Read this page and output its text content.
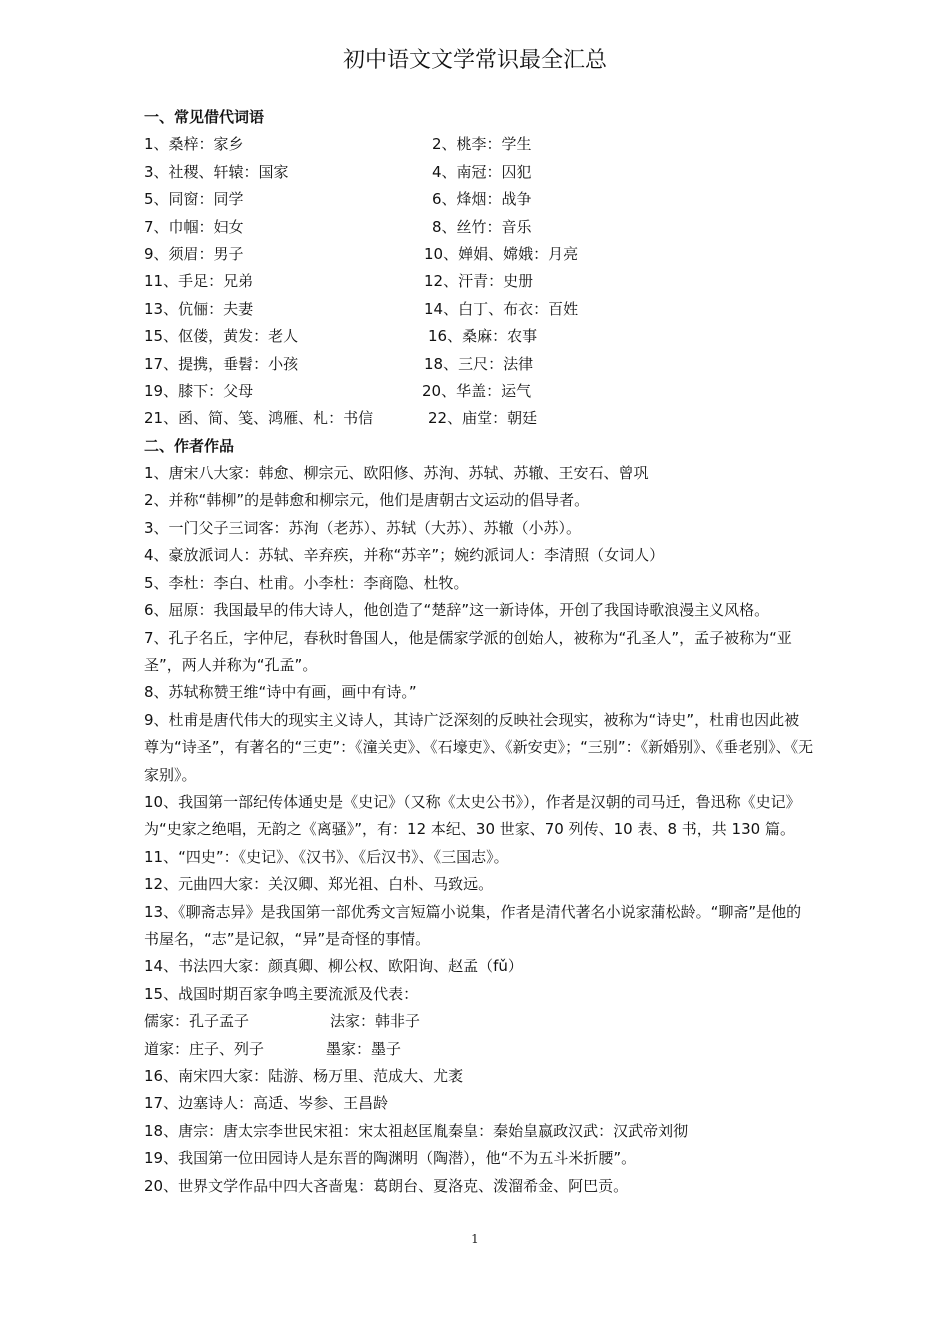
初中语文文学常识最全汇总
一、常见借代词语
1、桑梓：家乡	2、桃李：学生
3、社稷、轩辕：国家	4、南冠：囚犯
5、同窗：同学	6、烽烟：战争
7、巾帼：妇女	8、丝竹：音乐
9、须眉：男子	10、婵娟、嫦娥：月亮
11、手足：兄弟	12、汗青：史册
13、伉俪：夫妻	14、白丁、布衣：百姓
15、伛偻，黄发：老人	16、桑麻：农事
17、提携，垂髫：小孩	18、三尺：法律
19、膝下：父母	20、华盖：运气
21、函、简、笺、鸿雁、札：书信	22、庙堂：朝廷
二、作者作品
1、唐宋八大家：韩愈、柳宗元、欧阳修、苏洵、苏轼、苏辙、王安石、曾巩
2、并称“韩柳”的是韩愈和柳宗元，他们是唐朝古文运动的倡导者。
3、一门父子三词客：苏洵（老苏）、苏轼（大苏）、苏辙（小苏）。
4、豪放派词人：苏轼、辛弃疾，并称“苏辛”；婉约派词人：李清照（女词人）
5、李杜：李白、杜甫。小李杜：李商隐、杜牧。
6、屈原：我国最早的伟大诗人，他创造了“楚辞”这一新诗体，开创了我国诗歌浪漫主义风格。
7、孔子名丘，字仲尼，春秋时鲁国人，他是儒家学派的创始人，被称为“孔圣人”，孟子被称为“亚圣”，两人并称为“孔孟”。
8、苏轼称赞王维“诗中有画，画中有诗。”
9、杜甫是唐代伟大的现实主义诗人，其诗广泛深刻的反映社会现实，被称为“诗史”，杜甫也因此被尊为“诗圣”，有著名的“三吏”：《潼关吏》、《石壕吏》、《新安吏》；“三别”：《新婚别》、《垂老别》、《无家别》。
10、我国第一部纪传体通史是《史记》（又称《太史公书》），作者是汉朝的司马迁，鲁迅称《史记》为“史家之绝唱，无韵之《离骚》”，有：12 本纪、30 世家、70 列传、10 表、8 书，共 130 篇。
11、“四史”：《史记》、《汉书》、《后汉书》、《三国志》。
12、元曲四大家：关汉卿、郑光祖、白朴、马致远。
13、《聊斋志异》是我国第一部优秀文言短篇小说集，作者是清代著名小说家蒲松龄。“聊斋”是他的书屋名，“志”是记叙，“异”是奇怪的事情。
14、书法四大家：颜真卿、柳公权、欧阳询、赵孟（fǔ）
15、战国时期百家争鸣主要流派及代表：
儒家：孔子孟子	法家：韩非子
道家：庄子、列子	墨家：墨子
16、南宋四大家：陆游、杨万里、范成大、尤袤
17、边塞诗人：高适、岑参、王昌龄
18、唐宗：唐太宗李世民宋祖：宋太祖赵匡胤秦皇：秦始皇嬴政汉武：汉武帝刘彻
19、我国第一位田园诗人是东晋的陶渊明（陶潜），他“不为五斗米折腰”。
20、世界文学作品中四大吝啬鬼：葛朗台、夏洛克、泼溜希金、阿巴贡。
1
